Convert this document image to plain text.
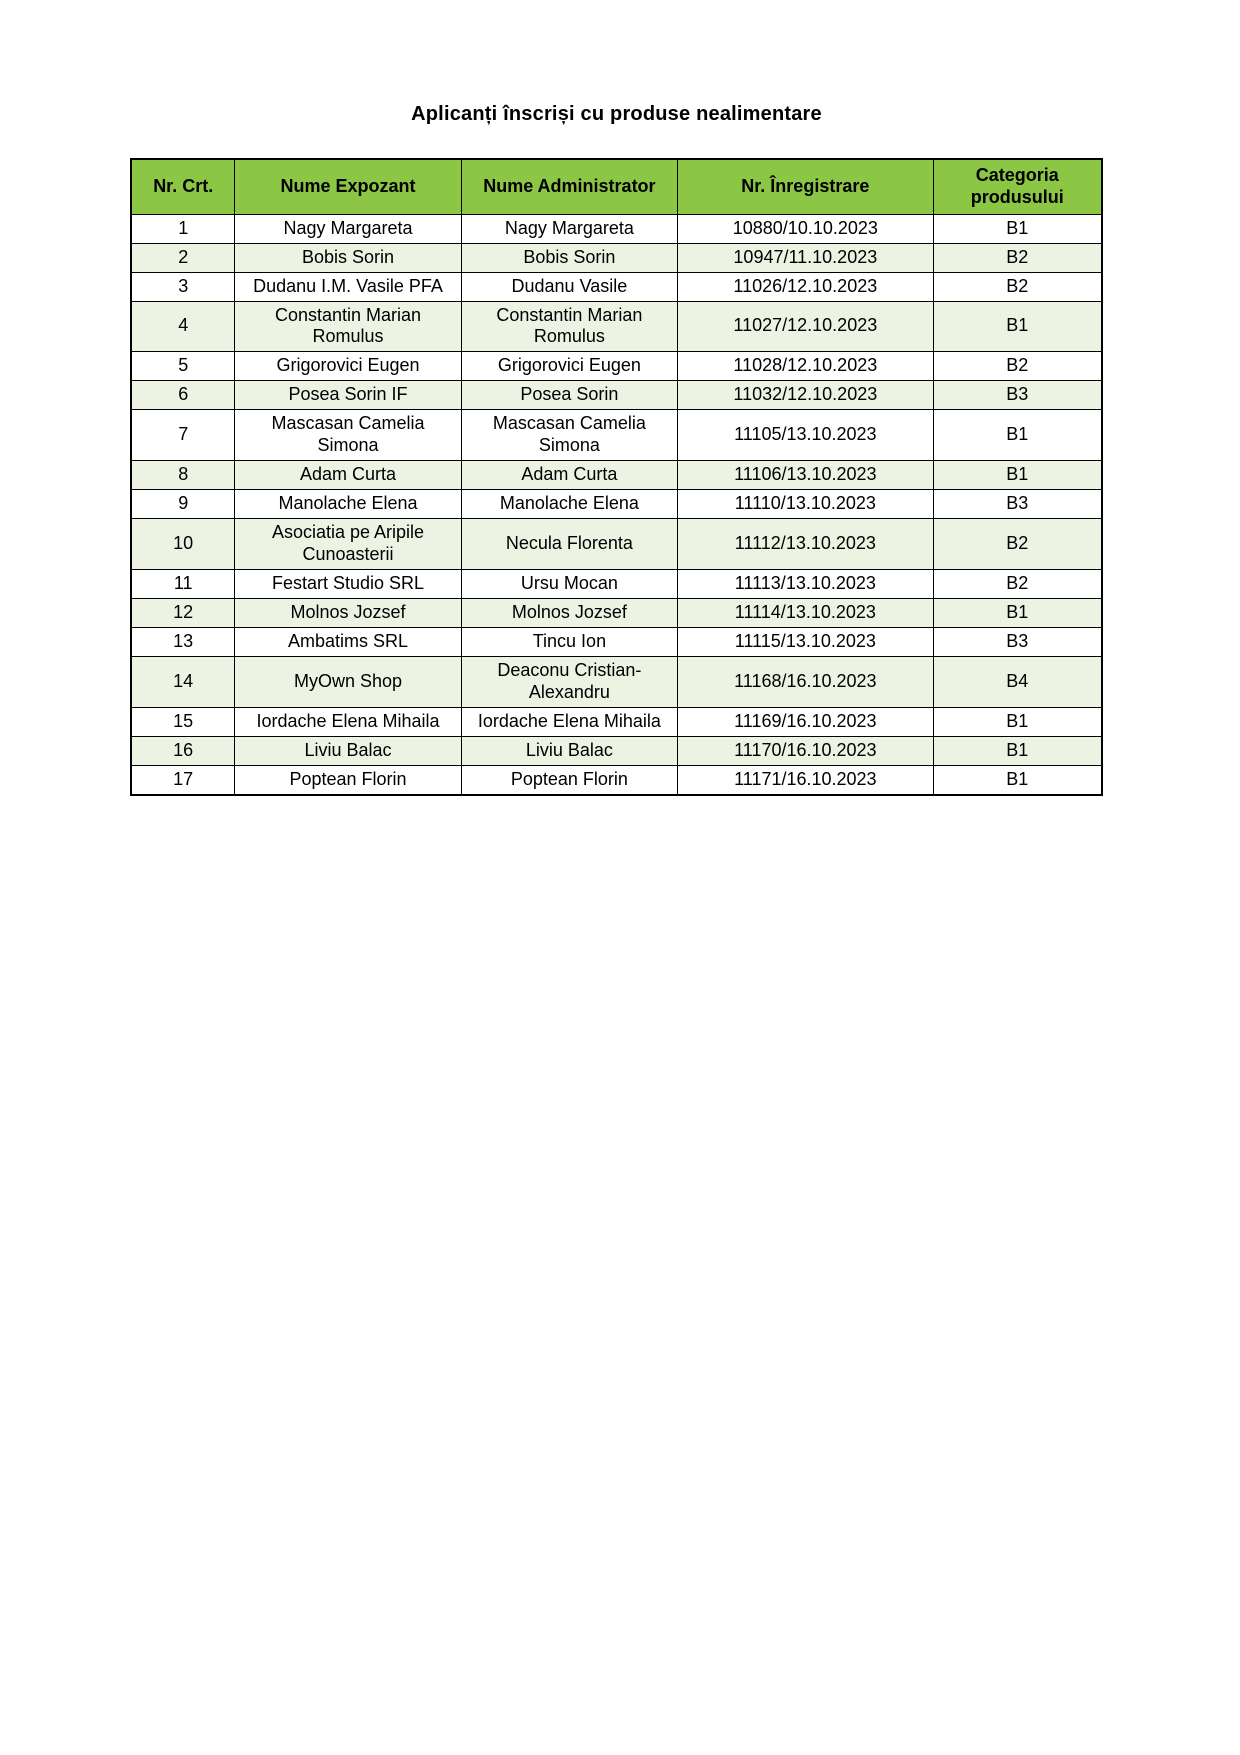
Aplicanți înscriși cu produse nealimentare
Nr. Crt.	Nume Expozant	Nume Administrator	Nr. Înregistrare	Categoria produsului
1	Nagy Margareta	Nagy Margareta	10880/10.10.2023	B1
2	Bobis Sorin	Bobis Sorin	10947/11.10.2023	B2
3	Dudanu I.M. Vasile PFA	Dudanu Vasile	11026/12.10.2023	B2
4	Constantin Marian Romulus	Constantin Marian Romulus	11027/12.10.2023	B1
5	Grigorovici Eugen	Grigorovici Eugen	11028/12.10.2023	B2
6	Posea Sorin IF	Posea Sorin	11032/12.10.2023	B3
7	Mascasan Camelia Simona	Mascasan Camelia Simona	11105/13.10.2023	B1
8	Adam Curta	Adam Curta	11106/13.10.2023	B1
9	Manolache Elena	Manolache Elena	11110/13.10.2023	B3
10	Asociatia pe Aripile Cunoasterii	Necula Florenta	11112/13.10.2023	B2
11	Festart Studio SRL	Ursu Mocan	11113/13.10.2023	B2
12	Molnos Jozsef	Molnos Jozsef	11114/13.10.2023	B1
13	Ambatims SRL	Tincu Ion	11115/13.10.2023	B3
14	MyOwn Shop	Deaconu Cristian-Alexandru	11168/16.10.2023	B4
15	Iordache Elena Mihaila	Iordache Elena Mihaila	11169/16.10.2023	B1
16	Liviu Balac	Liviu Balac	11170/16.10.2023	B1
17	Poptean Florin	Poptean Florin	11171/16.10.2023	B1
